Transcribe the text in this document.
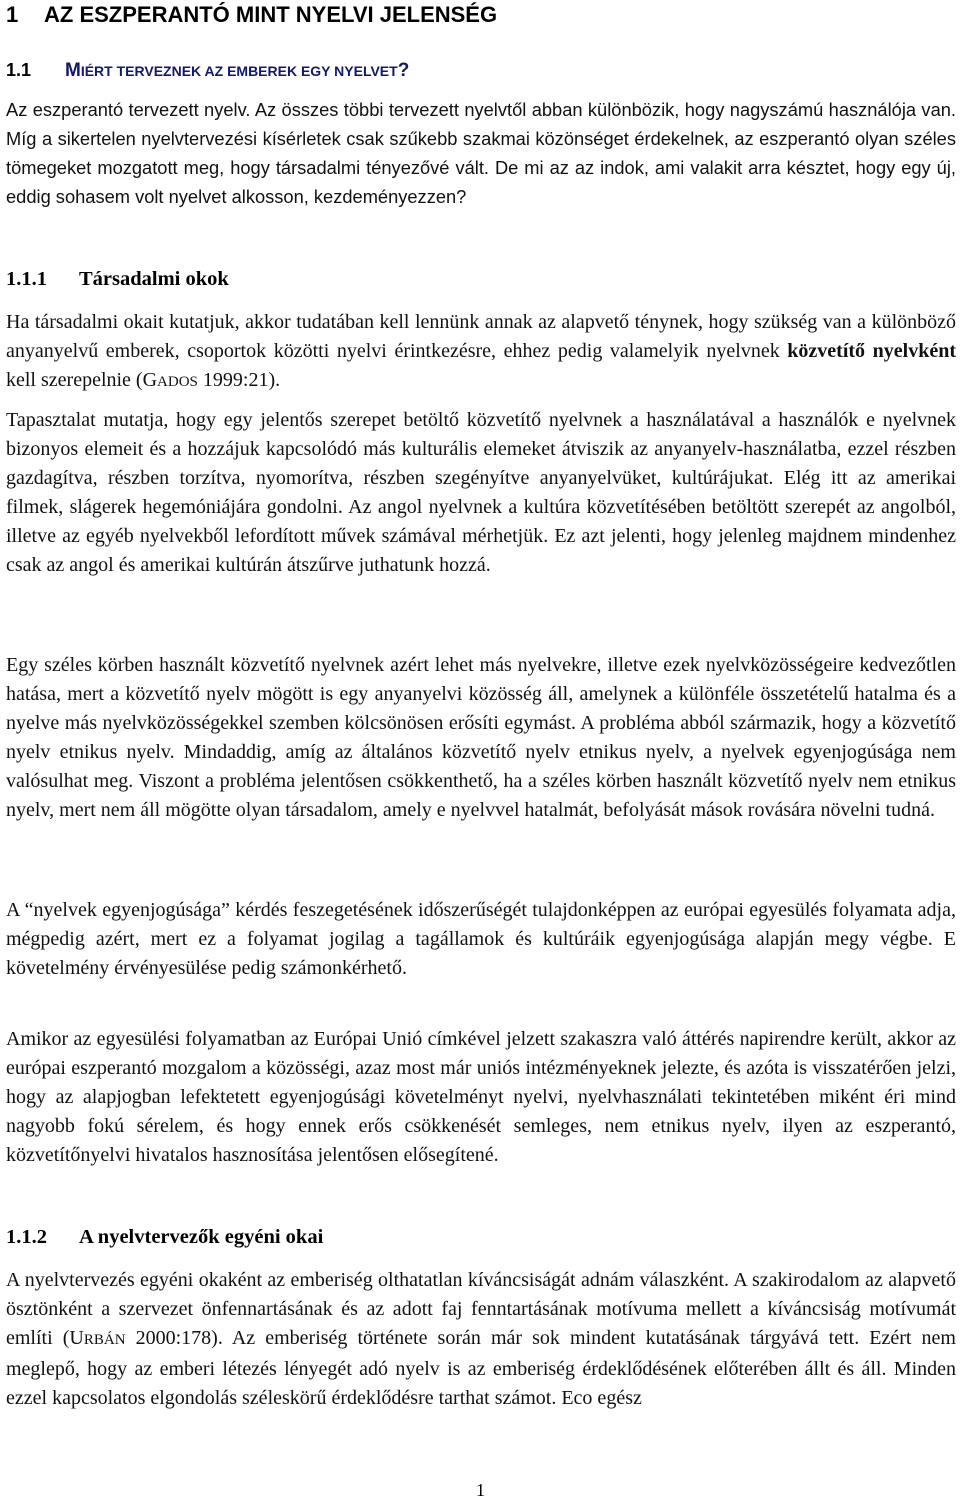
1 AZ ESZPERANTÓ MINT NYELVI JELENSÉG
1.1 MIÉRT TERVEZNEK AZ EMBEREK EGY NYELVET?
Az eszperantó tervezett nyelv. Az összes többi tervezett nyelvtől abban különbözik, hogy nagyszámú használója van. Míg a sikertelen nyelvtervezési kísérletek csak szűkebb szakmai közönséget érdekelnek, az eszperantó olyan széles tömegeket mozgatott meg, hogy társadalmi tényezővé vált. De mi az az indok, ami valakit arra késztet, hogy egy új, eddig sohasem volt nyelvet alkosson, kezdeményezzen?
1.1.1 Társadalmi okok
Ha társadalmi okait kutatjuk, akkor tudatában kell lennünk annak az alapvető ténynek, hogy szükség van a különböző anyanyelvű emberek, csoportok közötti nyelvi érintkezésre, ehhez pedig valamelyik nyelvnek közvetítő nyelvként kell szerepelnie (GADOS 1999:21).
Tapasztalat mutatja, hogy egy jelentős szerepet betöltő közvetítő nyelvnek a használatával a használók e nyelvnek bizonyos elemeit és a hozzájuk kapcsolódó más kulturális elemeket átviszik az anyanyelv-használatba, ezzel részben gazdagítva, részben torzítva, nyomorítva, részben szegényítve anyanyelvüket, kultúrájukat. Elég itt az amerikai filmek, slágerek hegemóniájára gondolni. Az angol nyelvnek a kultúra közvetítésében betöltött szerepét az angolból, illetve az egyéb nyelvekből lefordított művek számával mérhetjük. Ez azt jelenti, hogy jelenleg majdnem mindenhez csak az angol és amerikai kultúrán átszűrve juthatunk hozzá.
Egy széles körben használt közvetítő nyelvnek azért lehet más nyelvekre, illetve ezek nyelvközösségeire kedvezőtlen hatása, mert a közvetítő nyelv mögött is egy anyanyelvi közösség áll, amelynek a különféle összetételű hatalma és a nyelve más nyelvközösségekkel szemben kölcsönösen erősíti egymást. A probléma abból származik, hogy a közvetítő nyelv etnikus nyelv. Mindaddig, amíg az általános közvetítő nyelv etnikus nyelv, a nyelvek egyenjogúsága nem valósulhat meg. Viszont a probléma jelentősen csökkenthető, ha a széles körben használt közvetítő nyelv nem etnikus nyelv, mert nem áll mögötte olyan társadalom, amely e nyelvvel hatalmát, befolyását mások rovására növelni tudná.
A “nyelvek egyenjogúsága” kérdés feszegetésének időszerűségét tulajdonképpen az európai egyesülés folyamata adja, mégpedig azért, mert ez a folyamat jogilag a tagállamok és kultúráik egyenjogúsága alapján megy végbe. E követelmény érvényesülése pedig számonkérhető.
Amikor az egyesülési folyamatban az Európai Unió címkével jelzett szakaszra való áttérés napirendre került, akkor az európai eszperantó mozgalom a közösségi, azaz most már uniós intézményeknek jelezte, és azóta is visszatérően jelzi, hogy az alapjogban lefektetett egyenjogúsági követelményt nyelvi, nyelvhasználati tekintetében miként éri mind nagyobb fokú sérelem, és hogy ennek erős csökkenését semleges, nem etnikus nyelv, ilyen az eszperantó, közvetítőnyelvi hivatalos hasznosítása jelentősen elősegítené.
1.1.2 A nyelvtervezők egyéni okai
A nyelvtervezés egyéni okaként az emberiség olthatatlan kíváncsiságát adnám válaszként. A szakirodalom az alapvető ösztönként a szervezet önfennartásának és az adott faj fenntartásának motívuma mellett a kíváncsiság motívumát említi (URBÁN 2000:178). Az emberiség története során már sok mindent kutatásának tárgyává tett. Ezért nem meglepő, hogy az emberi létezés lényegét adó nyelv is az emberiség érdeklődésének előterében állt és áll. Minden ezzel kapcsolatos elgondolás széleskörű érdeklődésre tarthat számot. Eco egész
1
